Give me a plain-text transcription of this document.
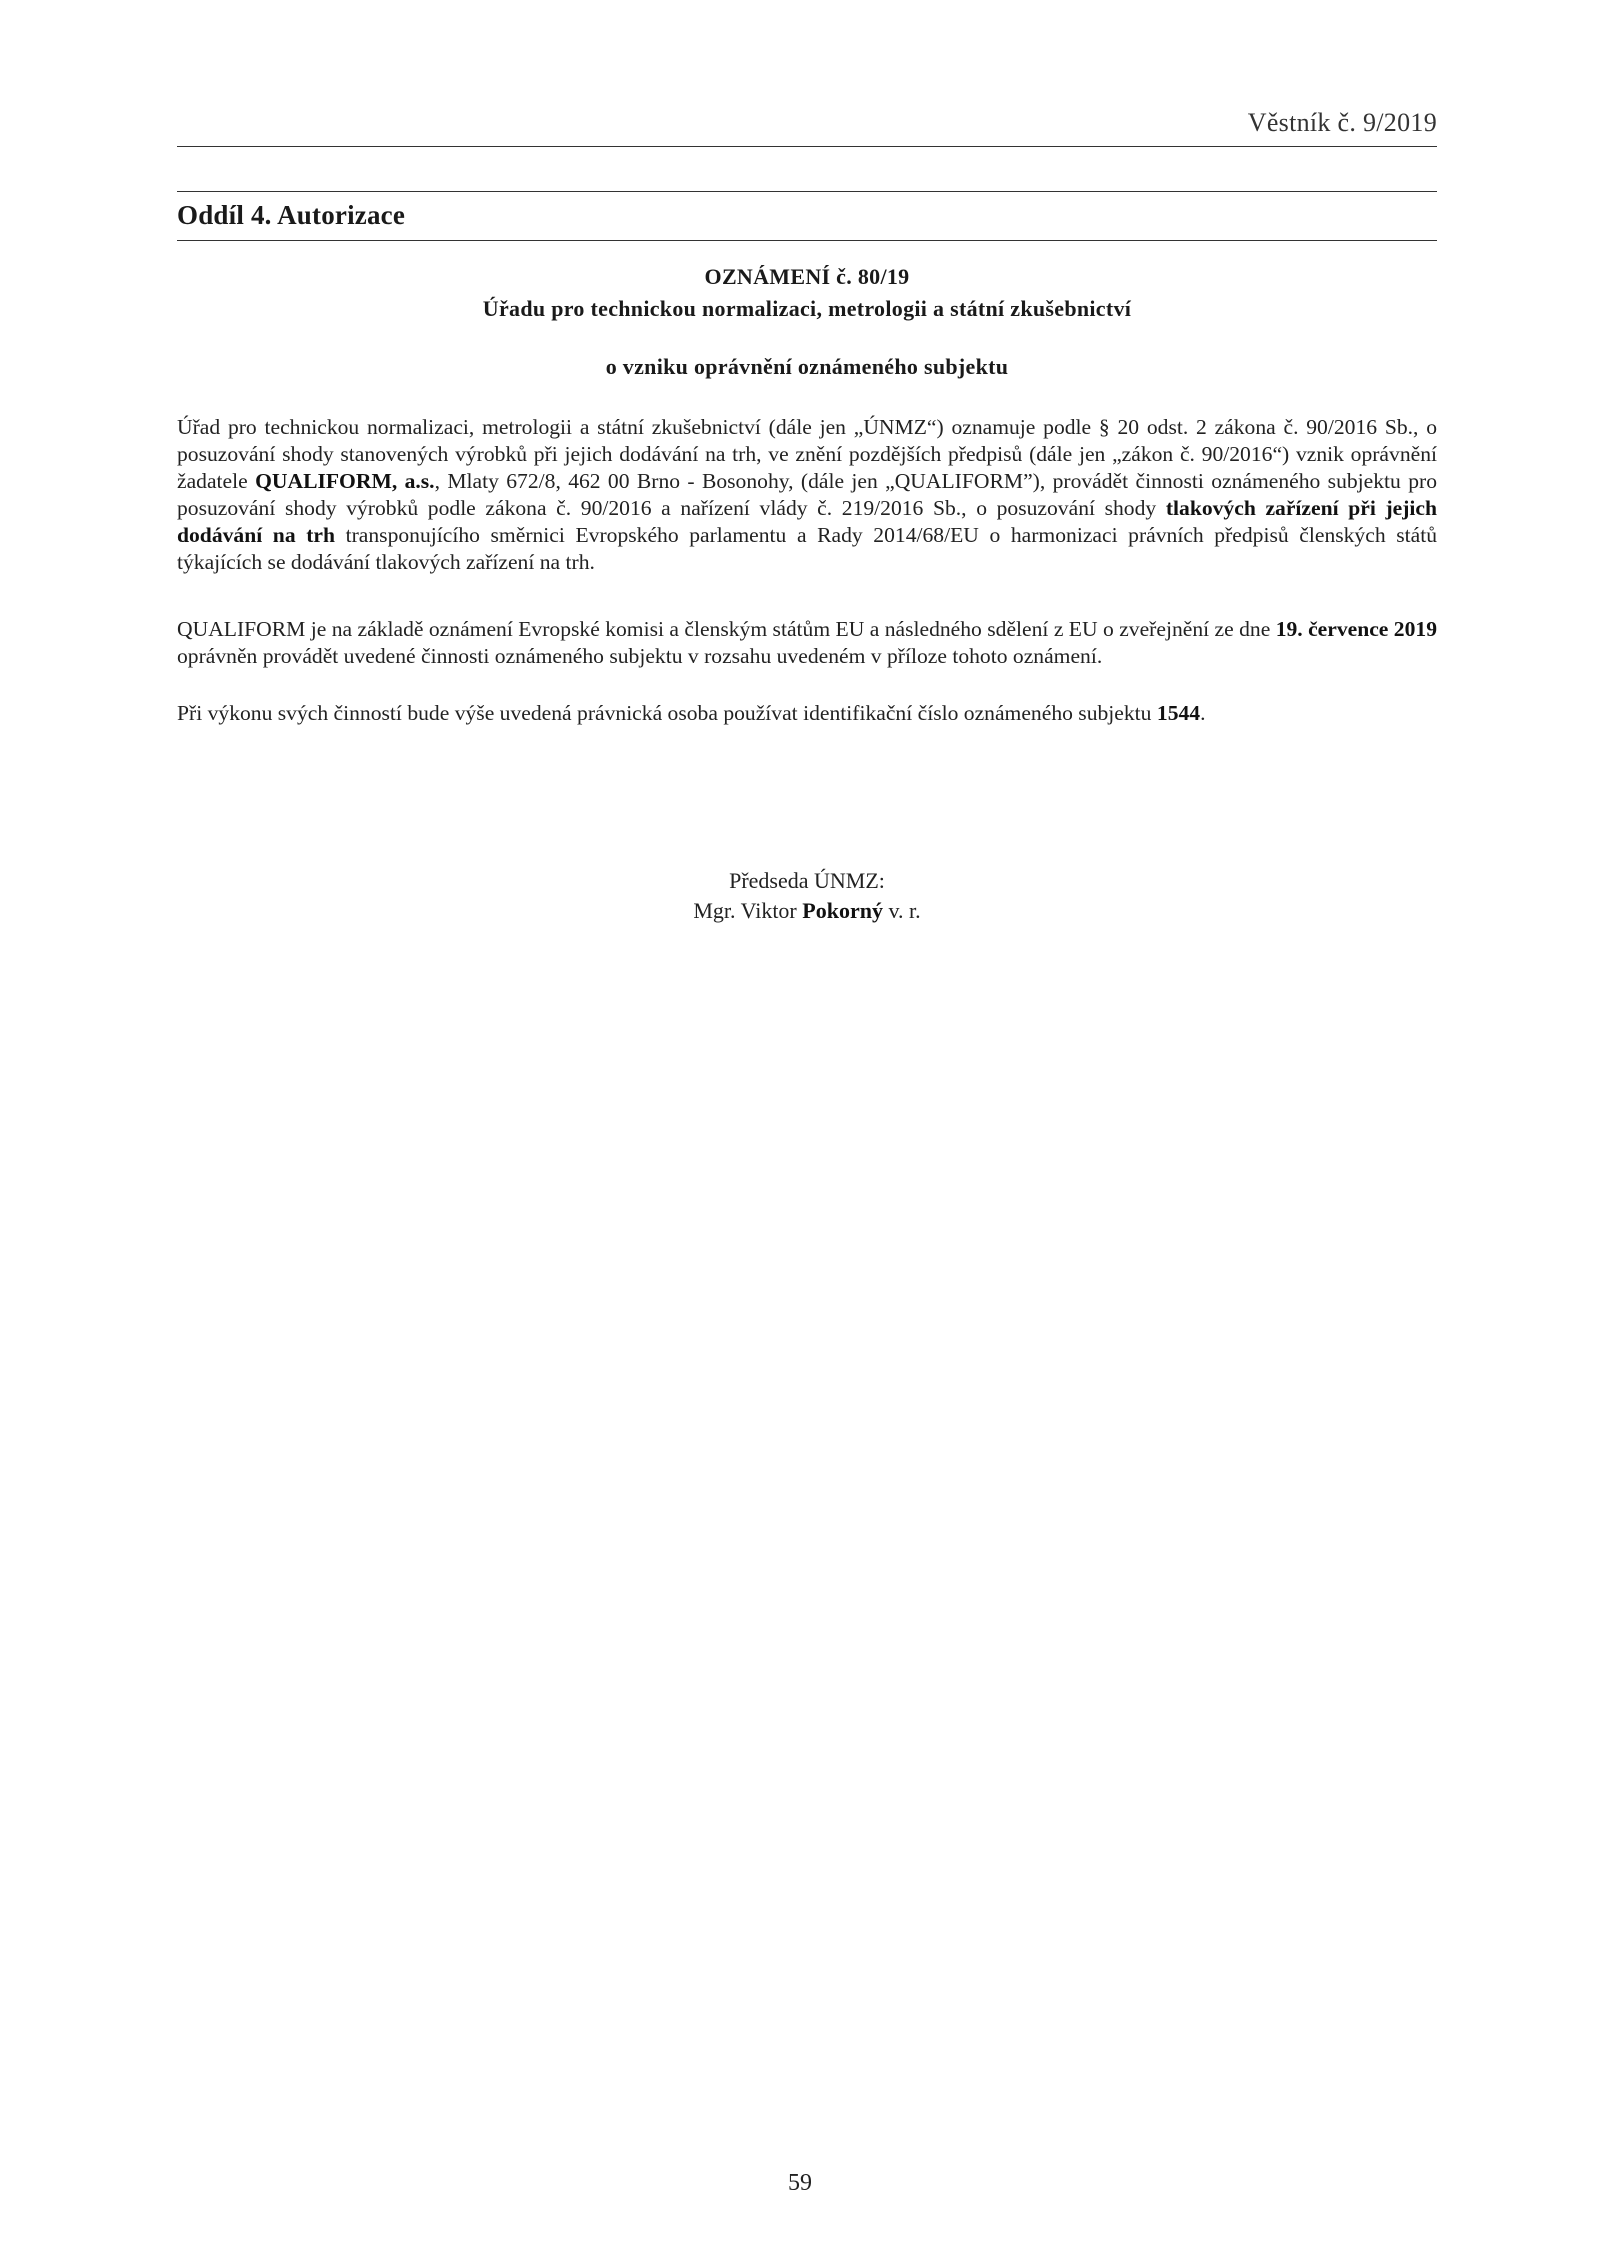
Věstník č. 9/2019
Oddíl 4. Autorizace
OZNÁMENÍ č. 80/19
Úřadu pro technickou normalizaci, metrologii a státní zkušebnictví
o vzniku oprávnění oznámeného subjektu
Úřad pro technickou normalizaci, metrologii a státní zkušebnictví (dále jen „ÚNMZ“) oznamuje podle § 20 odst. 2 zákona č. 90/2016 Sb., o posuzování shody stanovených výrobků při jejich dodávání na trh, ve znění pozdějších předpisů (dále jen „zákon č. 90/2016“) vznik oprávnění žadatele QUALIFORM, a.s., Mlaty 672/8, 462 00 Brno - Bosonohy, (dále jen „QUALIFORM”), provádět činnosti oznámeného subjektu pro posuzování shody výrobků podle zákona č. 90/2016 a nařízení vlády č. 219/2016 Sb., o posuzování shody tlakových zařízení při jejich dodávání na trh transponujícího směrnici Evropského parlamentu a Rady 2014/68/EU o harmonizaci právních předpisů členských států týkajících se dodávání tlakových zařízení na trh.
QUALIFORM je na základě oznámení Evropské komisi a členským státům EU a následného sdělení z EU o zveřejnění ze dne 19. července 2019 oprávněn provádět uvedené činnosti oznámeného subjektu v rozsahu uvedeném v příloze tohoto oznámení.
Při výkonu svých činností bude výše uvedená právnická osoba používat identifikační číslo oznámeného subjektu 1544.
Předseda ÚNMZ:
Mgr. Viktor Pokorný v. r.
59
